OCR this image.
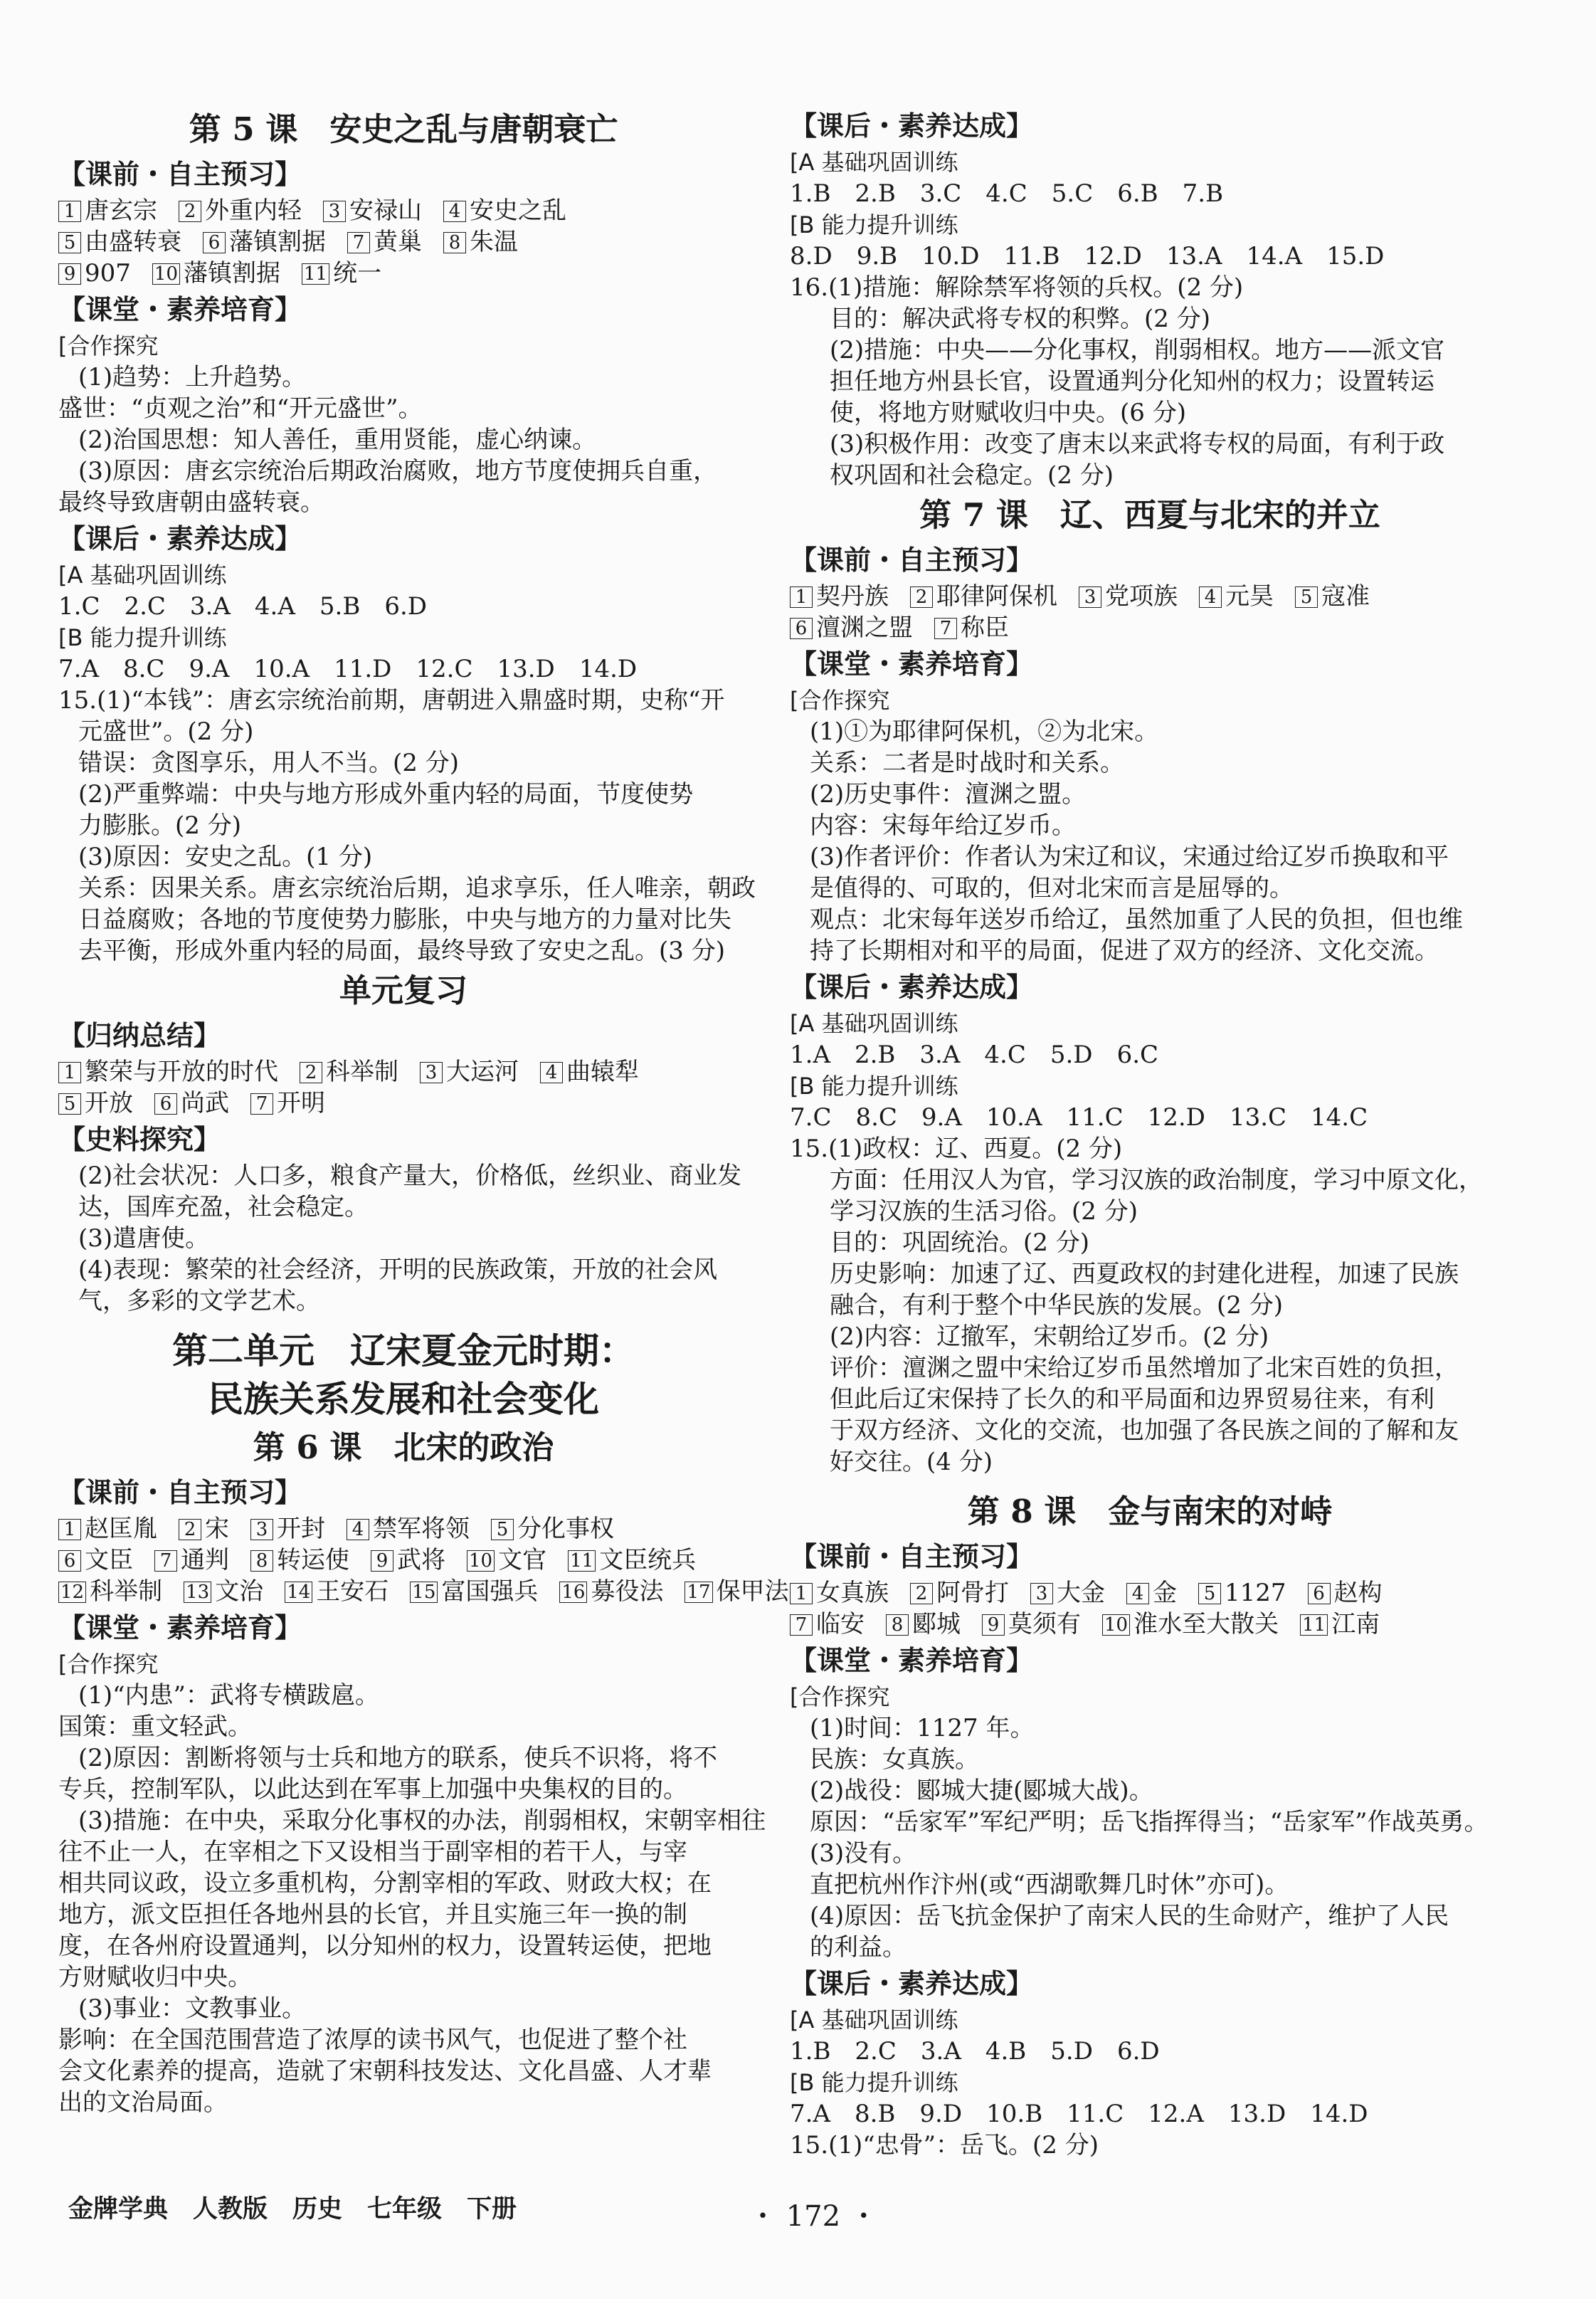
第 5 课　安史之乱与唐朝衰亡
【课前・自主预习】
1 唐玄宗 2 外重内轻 3 安禄山 4 安史之乱
5 由盛转衰 6 藩镇割据 7 黄巢 8 朱温
9 907 10 藩镇割据 11 统一
【课堂・素养培育】
[合作探究
(1)趋势：上升趋势。
盛世：“贞观之治”和“开元盛世”。
(2)治国思想：知人善任，重用贤能，虚心纳谏。
(3)原因：唐玄宗统治后期政治腐败，地方节度使拥兵自重，
最终导致唐朝由盛转衰。
【课后・素养达成】
[A 基础巩固训练
1.C　2.C　3.A　4.A　5.B　6.D
[B 能力提升训练
7.A　8.C　9.A　10.A　11.D　12.C　13.D　14.D
15.(1)“本钱”：唐玄宗统治前期，唐朝进入鼎盛时期，史称“开
元盛世”。(2 分)
错误：贪图享乐，用人不当。(2 分)
(2)严重弊端：中央与地方形成外重内轻的局面，节度使势
力膨胀。(2 分)
(3)原因：安史之乱。(1 分)
关系：因果关系。唐玄宗统治后期，追求享乐，任人唯亲，朝政
日益腐败；各地的节度使势力膨胀，中央与地方的力量对比失
去平衡，形成外重内轻的局面，最终导致了安史之乱。(3 分)
单元复习
【归纳总结】
1 繁荣与开放的时代 2 科举制 3 大运河 4 曲辕犁
5 开放 6 尚武 7 开明
【史料探究】
(2)社会状况：人口多，粮食产量大，价格低，丝织业、商业发
达，国库充盈，社会稳定。
(3)遣唐使。
(4)表现：繁荣的社会经济，开明的民族政策，开放的社会风
气，多彩的文学艺术。
第二单元　辽宋夏金元时期：
民族关系发展和社会变化
第 6 课　北宋的政治
【课前・自主预习】
1 赵匡胤 2 宋 3 开封 4 禁军将领 5 分化事权
6 文臣 7 通判 8 转运使 9 武将 10 文官 11 文臣统兵
12 科举制 13 文治 14 王安石 15 富国强兵 16 募役法 17 保甲法
【课堂・素养培育】
[合作探究
(1)“内患”：武将专横跋扈。
国策：重文轻武。
(2)原因：割断将领与士兵和地方的联系，使兵不识将，将不
专兵，控制军队，以此达到在军事上加强中央集权的目的。
(3)措施：在中央，采取分化事权的办法，削弱相权，宋朝宰相往
往不止一人，在宰相之下又设相当于副宰相的若干人，与宰
相共同议政，设立多重机构，分割宰相的军政、财政大权；在
地方，派文臣担任各地州县的长官，并且实施三年一换的制
度，在各州府设置通判，以分知州的权力，设置转运使，把地
方财赋收归中央。
(3)事业：文教事业。
影响：在全国范围营造了浓厚的读书风气，也促进了整个社
会文化素养的提高，造就了宋朝科技发达、文化昌盛、人才辈
出的文治局面。
【课后・素养达成】
[A 基础巩固训练
1.B　2.B　3.C　4.C　5.C　6.B　7.B
[B 能力提升训练
8.D　9.B　10.D　11.B　12.D　13.A　14.A　15.D
16.(1)措施：解除禁军将领的兵权。(2 分)
目的：解决武将专权的积弊。(2 分)
(2)措施：中央——分化事权，削弱相权。地方——派文官
担任地方州县长官，设置通判分化知州的权力；设置转运
使，将地方财赋收归中央。(6 分)
(3)积极作用：改变了唐末以来武将专权的局面，有利于政
权巩固和社会稳定。(2 分)
第 7 课　辽、西夏与北宋的并立
【课前・自主预习】
1 契丹族 2 耶律阿保机 3 党项族 4 元昊 5 寇准
6 澶渊之盟 7 称臣
【课堂・素养培育】
[合作探究
(1)①为耶律阿保机，②为北宋。
关系：二者是时战时和关系。
(2)历史事件：澶渊之盟。
内容：宋每年给辽岁币。
(3)作者评价：作者认为宋辽和议，宋通过给辽岁币换取和平
是值得的、可取的，但对北宋而言是屈辱的。
观点：北宋每年送岁币给辽，虽然加重了人民的负担，但也维
持了长期相对和平的局面，促进了双方的经济、文化交流。
【课后・素养达成】
[A 基础巩固训练
1.A　2.B　3.A　4.C　5.D　6.C
[B 能力提升训练
7.C　8.C　9.A　10.A　11.C　12.D　13.C　14.C
15.(1)政权：辽、西夏。(2 分)
方面：任用汉人为官，学习汉族的政治制度，学习中原文化，
学习汉族的生活习俗。(2 分)
目的：巩固统治。(2 分)
历史影响：加速了辽、西夏政权的封建化进程，加速了民族
融合，有利于整个中华民族的发展。(2 分)
(2)内容：辽撤军，宋朝给辽岁币。(2 分)
评价：澶渊之盟中宋给辽岁币虽然增加了北宋百姓的负担，
但此后辽宋保持了长久的和平局面和边界贸易往来，有利
于双方经济、文化的交流，也加强了各民族之间的了解和友
好交往。(4 分)
第 8 课　金与南宋的对峙
【课前・自主预习】
1 女真族 2 阿骨打 3 大金 4 金 5 1127 6 赵构
7 临安 8 郾城 9 莫须有 10 淮水至大散关 11 江南
【课堂・素养培育】
[合作探究
(1)时间：1127 年。
民族：女真族。
(2)战役：郾城大捷(郾城大战)。
原因：“岳家军”军纪严明；岳飞指挥得当；“岳家军”作战英勇。
(3)没有。
直把杭州作汴州(或“西湖歌舞几时休”亦可)。
(4)原因：岳飞抗金保护了南宋人民的生命财产，维护了人民
的利益。
【课后・素养达成】
[A 基础巩固训练
1.B　2.C　3.A　4.B　5.D　6.D
[B 能力提升训练
7.A　8.B　9.D　10.B　11.C　12.A　13.D　14.D
15.(1)“忠骨”：岳飞。(2 分)
金牌学典　人教版　历史　七年级　下册	・ 172 ・
